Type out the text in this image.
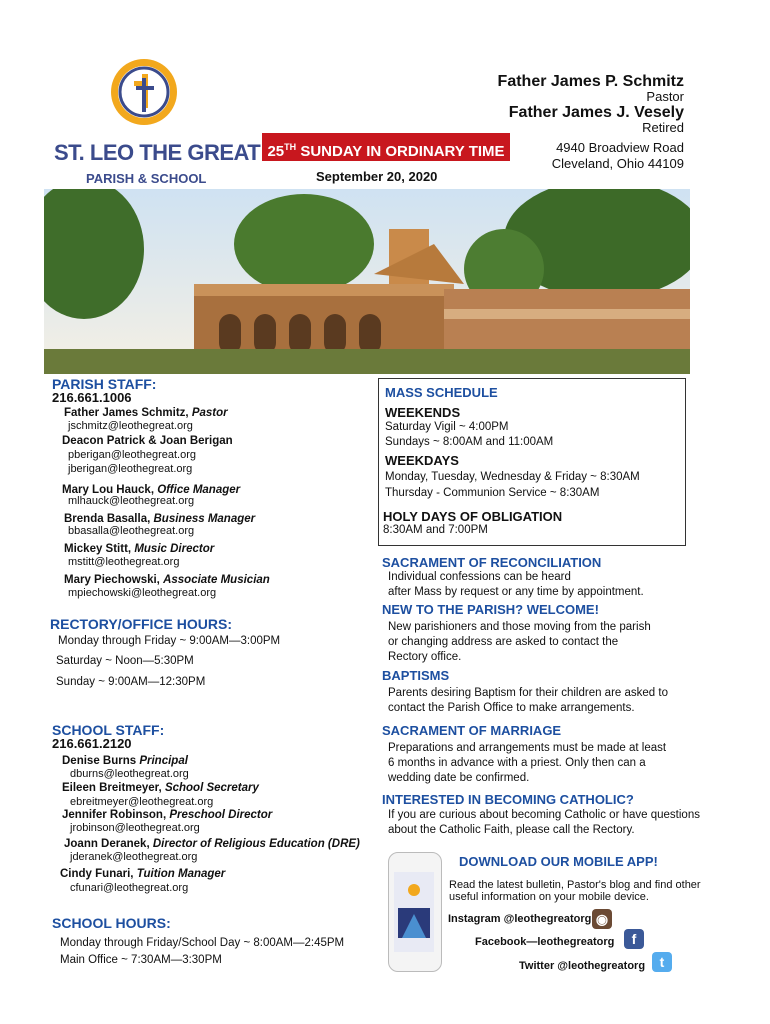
ST. LEO THE GREAT
PARISH & SCHOOL
25TH SUNDAY IN ORDINARY TIME
September 20, 2020
Father James P. Schmitz
Pastor
Father James J. Vesely
Retired
4940 Broadview Road
Cleveland, Ohio 44109
PARISH STAFF:
216.661.1006
Father James Schmitz, Pastor
jschmitz@leothegreat.org
Deacon Patrick & Joan Berigan
pberigan@leothegreat.org
jberigan@leothegreat.org
Mary Lou Hauck, Office Manager
mlhauck@leothegreat.org
Brenda Basalla, Business Manager
bbasalla@leothegreat.org
Mickey Stitt, Music Director
mstitt@leothegreat.org
Mary Piechowski, Associate Musician
mpiechowski@leothegreat.org
RECTORY/OFFICE HOURS:
Monday through Friday ~ 9:00AM—3:00PM
Saturday ~ Noon—5:30PM
Sunday ~ 9:00AM—12:30PM
SCHOOL STAFF:
216.661.2120
Denise Burns Principal
dburns@leothegreat.org
Eileen Breitmeyer, School Secretary
ebreitmeyer@leothegreat.org
Jennifer Robinson, Preschool Director
jrobinson@leothegreat.org
Joann Deranek, Director of Religious Education (DRE)
jderanek@leothegreat.org
Cindy Funari, Tuition Manager
cfunari@leothegreat.org
SCHOOL HOURS:
Monday through Friday/School Day ~ 8:00AM—2:45PM
Main Office ~ 7:30AM—3:30PM
MASS SCHEDULE
WEEKENDS
Saturday Vigil ~ 4:00PM
Sundays ~ 8:00AM and 11:00AM
WEEKDAYS
Monday, Tuesday, Wednesday & Friday ~ 8:30AM
Thursday - Communion Service ~ 8:30AM
HOLY DAYS OF OBLIGATION
8:30AM and 7:00PM
SACRAMENT OF RECONCILIATION
Individual confessions can be heard
after Mass by request or any time by appointment.
NEW TO THE PARISH? WELCOME!
New parishioners and those moving from the parish
or changing address are asked to contact the
Rectory office.
BAPTISMS
Parents desiring Baptism for their children are asked to
contact the Parish Office to make arrangements.
SACRAMENT OF MARRIAGE
Preparations and arrangements must be made at least
6 months in advance with a priest. Only then can a
wedding date be confirmed.
INTERESTED IN BECOMING CATHOLIC?
If you are curious about becoming Catholic or have questions
about the Catholic Faith, please call the Rectory.
DOWNLOAD OUR MOBILE APP!
Read the latest bulletin, Pastor's blog and find other
useful information on your mobile device.
Instagram @leothegreatorg ◉
Facebook—leothegreatorg	f
Twitter @leothegreatorg	t
